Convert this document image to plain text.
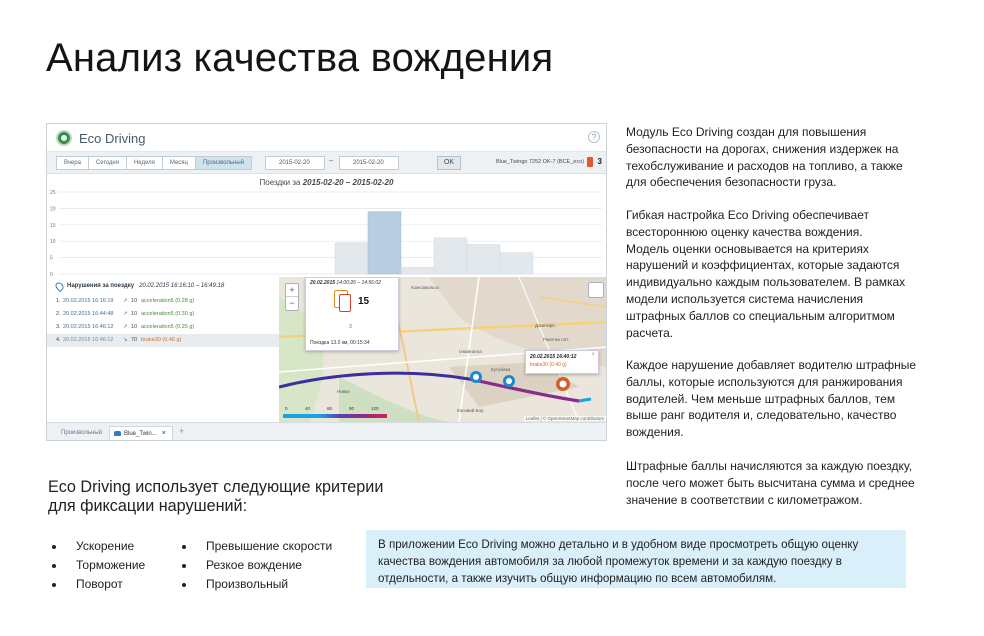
Анализ качества вождения
Eco Driving	?
Вчера	Сегодня	Неделя	Месяц	Произвольный	2015-02-20	–	2015-02-20	OK	Blue_Twingo 7252 OK-7 (BCE_eco) 3
0
5
10
15
20
25
Поездки за 2015-02-20 – 2015-02-20
Нарушения за поездку 20.02.2015 16:16:10 – 16:49:18
1. 20.02.2015 16:16:19 ↗ 10 acceleration5 (0.28 g)
2. 20.02.2015 16:44:48 ↗ 10 acceleration5 (0.30 g)
3. 20.02.2015 16:46:12 ↗ 10 acceleration5 (0.25 g)
4. 20.02.2015 16:46:12 ↘ 70 brake30 (0.40 g)
+
−
20.02.2015 14:00:26 – 14:56:02
15
3
Поездка 13.0 км, 00:15:34
×
20.02.2015 16:40:12
brake30 (0.40 g)
Комсомольск
Дзинтаріс
Ілюмінатка
Кутузівка
Нивки
Ракетна лот.
Касивий Бор
0	40	60	90	120
Leaflet | © OpenStreetMap contributors
Произвольный	Blue_Twin... ×	+

Модуль Eco Driving создан для повышения

безопасности на дорогах, снижения издержек на

техобслуживание и расходов на топливо, а также

для обеспечения безопасности груза.

Гибкая настройка Eco Driving обеспечивает

всестороннюю оценку качества вождения.

Модель оценки основывается на критериях

нарушений и коэффициентах, которые задаются

индивидуально каждым пользователем. В рамках

модели используется система начисления

штрафных баллов со специальным алгоритмом

расчета.

Каждое нарушение добавляет водителю штрафные

баллы, которые используются для ранжирования

водителей. Чем меньше штрафных баллов, тем

выше ранг водителя и, следовательно, качество

вождения.

Штрафные баллы начисляются за каждую поездку,

после чего может быть высчитана сумма и среднее

значение в соответствии с километражом.

Eco Driving использует следующие критерии

для фиксации нарушений:

Ускорение
Торможение
Поворот
Превышение скорости
Резкое вождение
Произвольный

В приложении Eco Driving можно детально и в удобном виде просмотреть общую оценку

качества вождения автомобиля за любой промежуток времени и за каждую поездку в

отдельности, а также изучить общую информацию по всем автомобилям.
